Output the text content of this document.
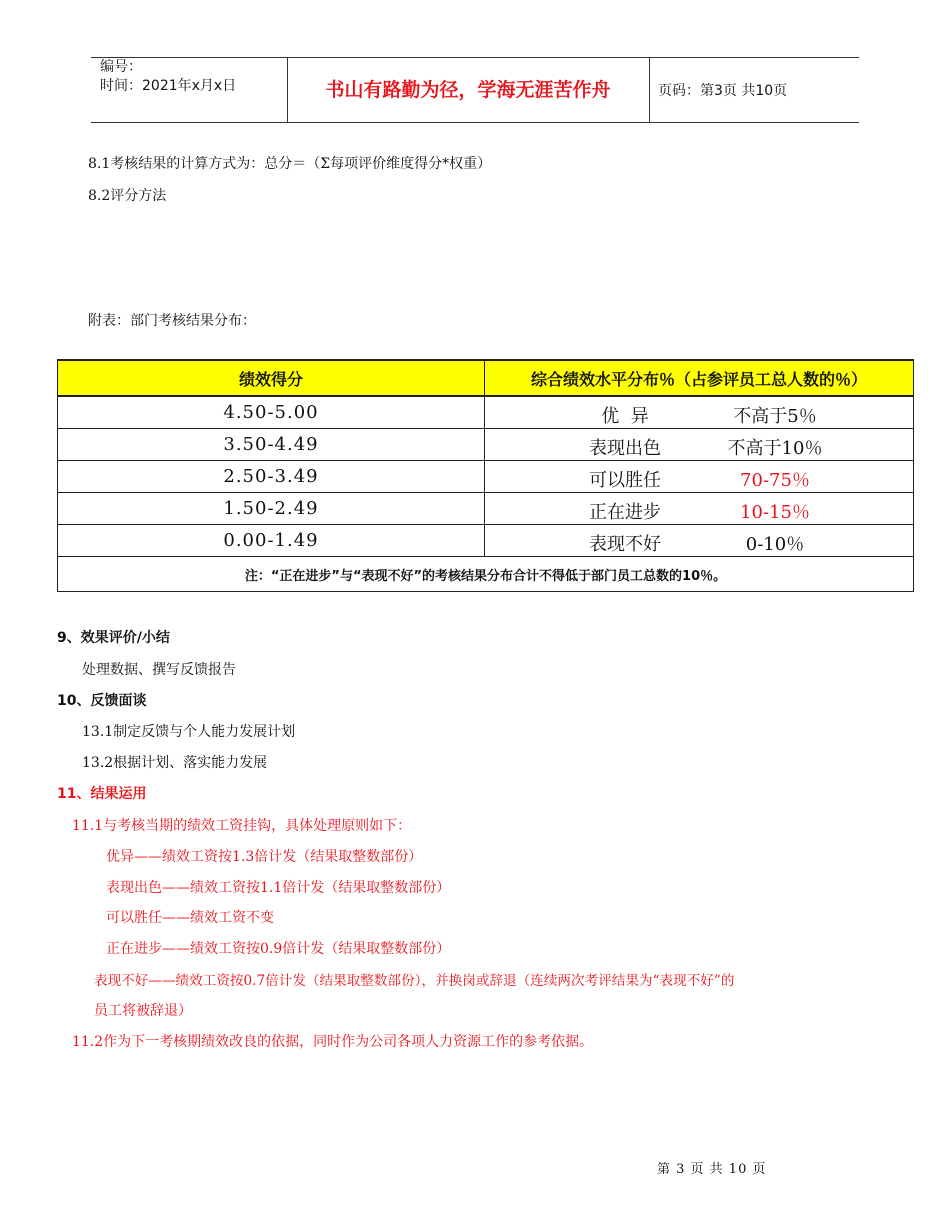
编号：
时间：2021年x月x日	书山有路勤为径，学海无涯苦作舟	页码：第3页 共10页
8.1考核结果的计算方式为：总分＝（Σ每项评价维度得分*权重）
8.2评分方法
附表：部门考核结果分布：
绩效得分	综合绩效水平分布％（占参评员工总人数的％）
4.50-5.00	优  异 不高于5％

3.50-4.49	表现出色 不高于10％

2.50-3.49	可以胜任 70-75％

1.50-2.49	正在进步 10-15％

0.00-1.49	表现不好 0-10％

注：“正在进步”与“表现不好”的考核结果分布合计不得低于部门员工总数的10％。	
9、效果评价/小结
处理数据、撰写反馈报告
10、反馈面谈
13.1制定反馈与个人能力发展计划
13.2根据计划、落实能力发展
11、结果运用
11.1与考核当期的绩效工资挂钩，具体处理原则如下：
优异——绩效工资按1.3倍计发（结果取整数部份）
表现出色——绩效工资按1.1倍计发（结果取整数部份）
可以胜任——绩效工资不变
正在进步——绩效工资按0.9倍计发（结果取整数部份）
表现不好——绩效工资按0.7倍计发（结果取整数部份），并换岗或辞退（连续两次考评结果为“表现不好”的
员工将被辞退）
11.2作为下一考核期绩效改良的依据，同时作为公司各项人力资源工作的参考依据。
第 3 页 共 10 页
